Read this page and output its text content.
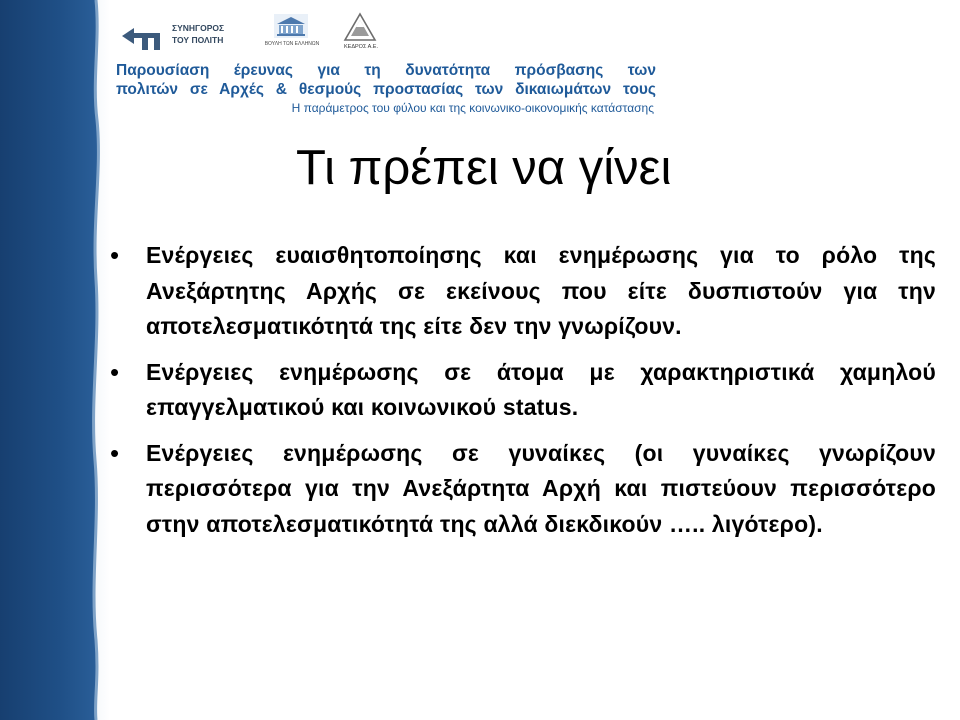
ΣΥΝΗΓΟΡΟΣ
ΤΟΥ ΠΟΛΙΤΗ	ΒΟΥΛΗ ΤΩΝ ΕΛΛΗΝΩΝ	ΚΕΔΡΟΣ Α.Ε.
Παρουσίαση έρευνας για τη δυνατότητα πρόσβασης των
πολιτών σε Αρχές & θεσμούς προστασίας των δικαιωμάτων τους
Η παράμετρος του φύλου και της κοινωνικο-οικονομικής κατάστασης
Τι πρέπει να γίνει
• Ενέργειες ευαισθητοποίησης και ενημέρωσης για το ρόλο της Ανεξάρτητης Αρχής σε εκείνους που είτε δυσπιστούν για την αποτελεσματικότητά της είτε δεν την γνωρίζουν.
• Ενέργειες ενημέρωσης σε άτομα με χαρακτηριστικά χαμηλού επαγγελματικού και κοινωνικού status.
• Ενέργειες ενημέρωσης σε γυναίκες (οι γυναίκες γνωρίζουν περισσότερα για την Ανεξάρτητα Αρχή και πιστεύουν περισσότερο στην αποτελεσματικότητά της αλλά διεκδικούν ….. λιγότερο).
